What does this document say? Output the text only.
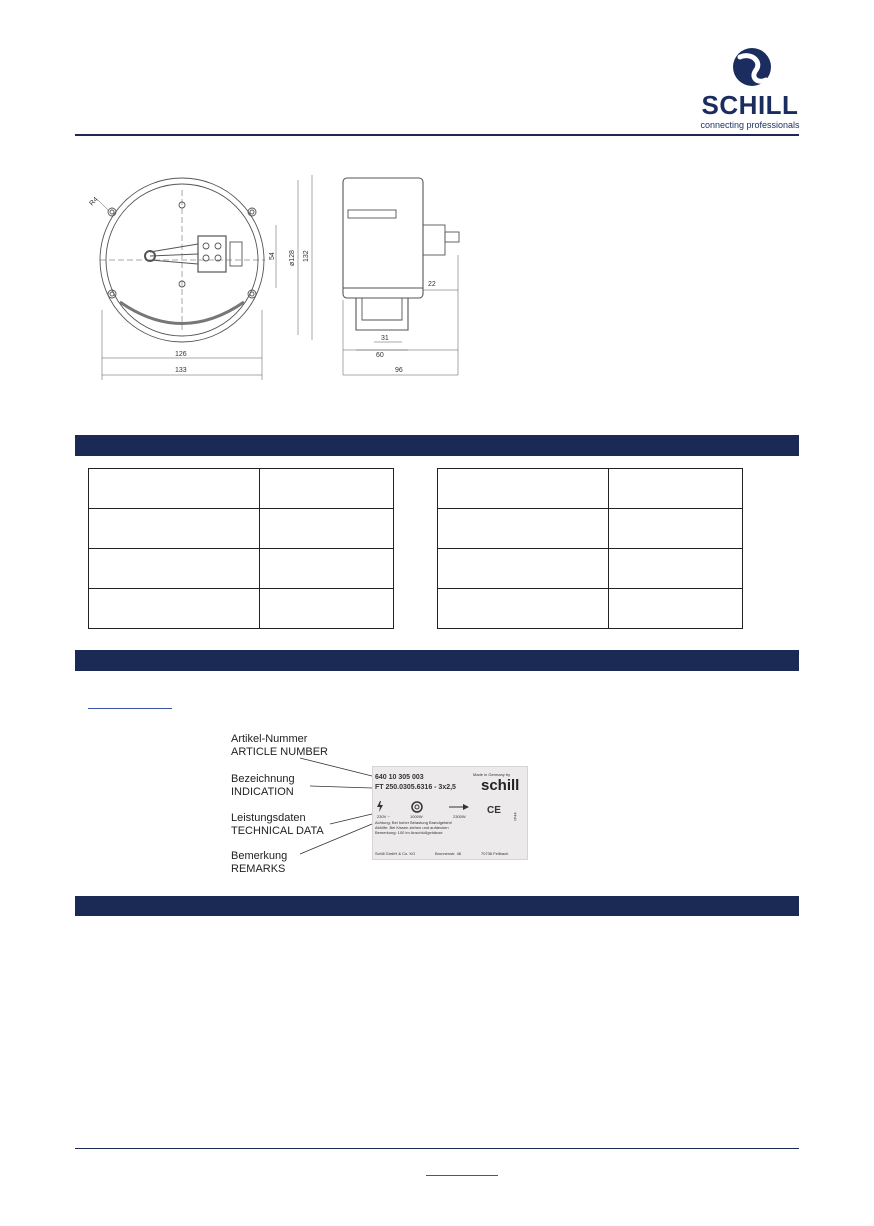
SCHILL
connecting professionals
126
133
132
ø128
54
R4
96
60
31
22

Artikel-Nummer
ARTICLE NUMBER
Bezeichnung
INDICATION
Leistungsdaten
TECHNICAL DATA
Bemerkung
REMARKS
Made in Germany by
schill
640 10 305 003
FT 250.0305.6316 - 3x2,5
230V ~	1000W	2300W
CE
IP44
Achtung: Bei hoher Belastung Brandgefahr!
Abhilfe: Bei Kissen ziehen und aufdecken
Bemerkung: 100 im Anschlußgehäuse
Schill GmbH & Co. KG	Brunnenstr. 48	70736 Fellbach
